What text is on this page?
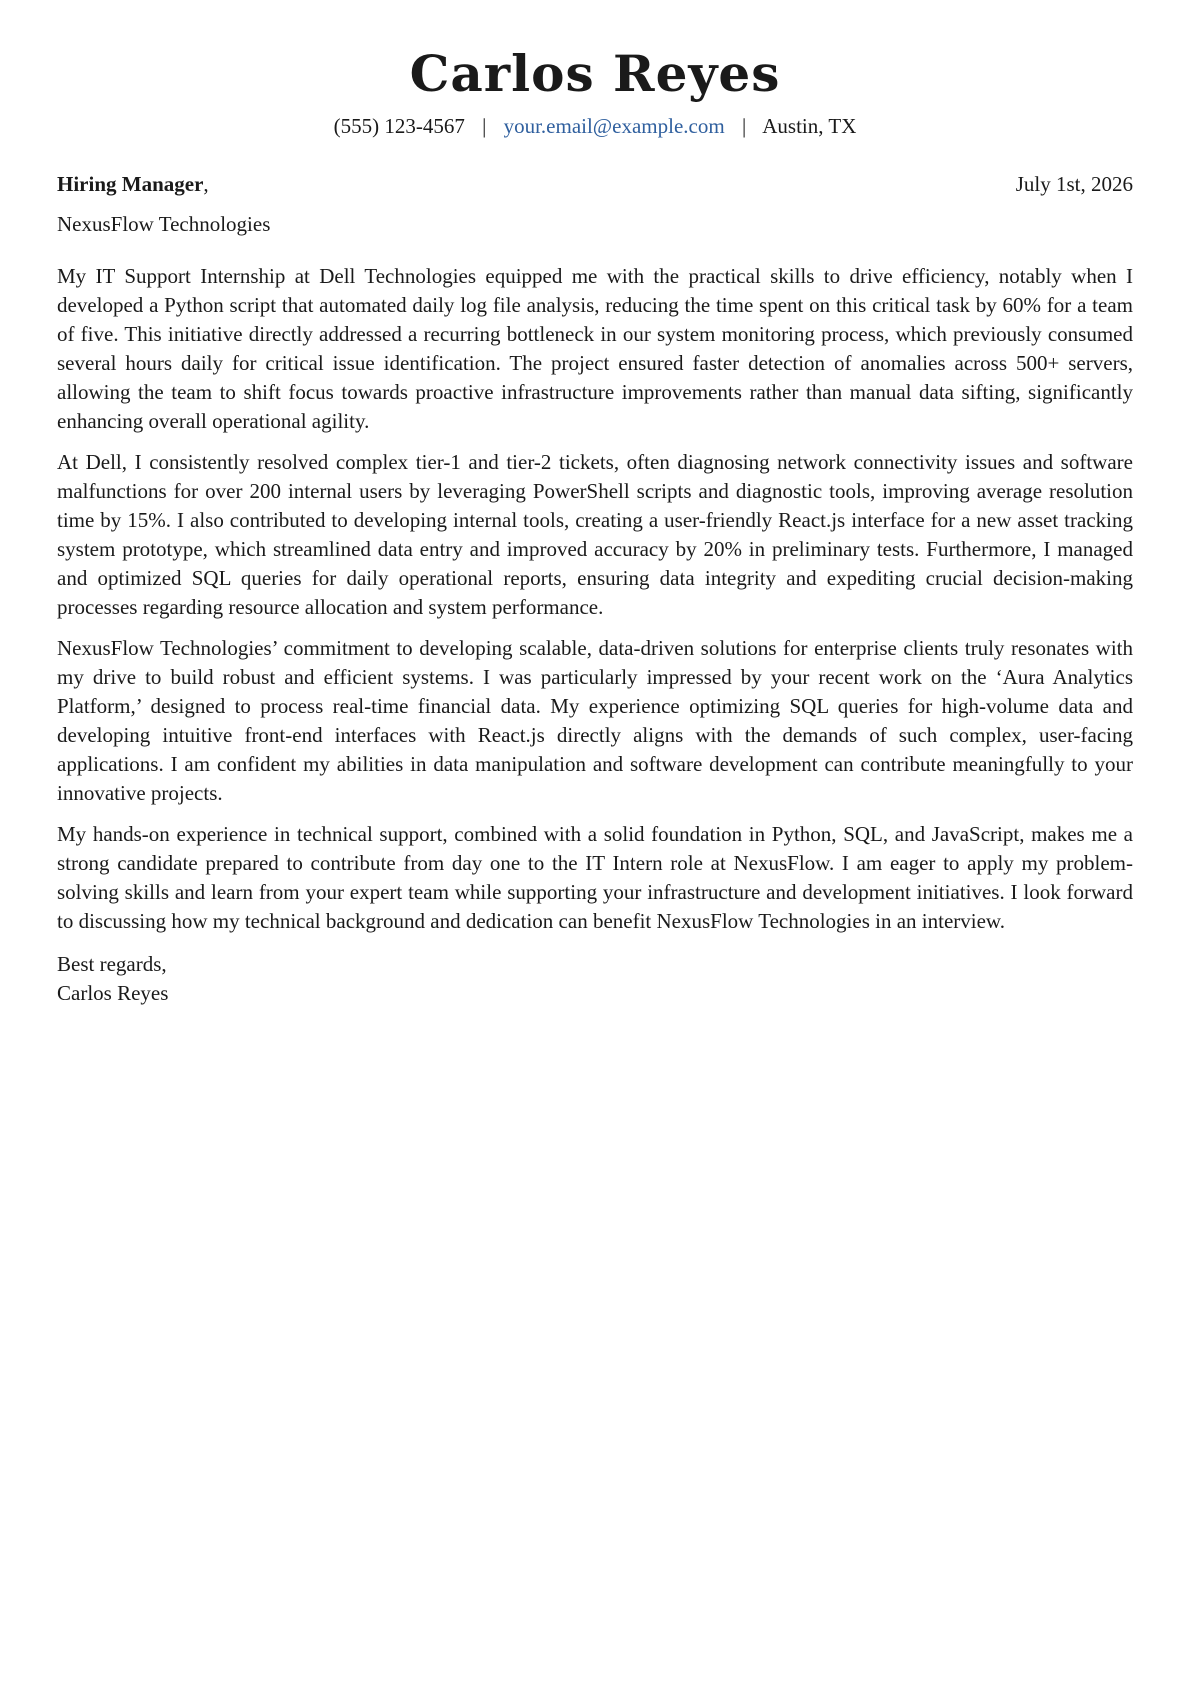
Carlos Reyes
(555) 123-4567 | your.email@example.com | Austin, TX
Hiring Manager,	July 1st, 2026
NexusFlow Technologies

My IT Support Internship at Dell Technologies equipped me with the practical skills to drive efficiency, notably when I developed a Python script that automated daily log file analysis, reducing the time spent on this critical task by 60% for a team of five. This initiative directly addressed a recurring bottleneck in our system monitoring process, which previously consumed several hours daily for critical issue identification. The project ensured faster detection of anomalies across 500+ servers, allowing the team to shift focus towards proactive infrastructure improvements rather than manual data sifting, significantly enhancing overall operational agility.

At Dell, I consistently resolved complex tier-1 and tier-2 tickets, often diagnosing network connectivity issues and software malfunctions for over 200 internal users by leveraging PowerShell scripts and diagnostic tools, improving average resolution time by 15%. I also contributed to developing internal tools, creating a user-friendly React.js interface for a new asset tracking system prototype, which streamlined data entry and improved accuracy by 20% in preliminary tests. Furthermore, I managed and optimized SQL queries for daily operational reports, ensuring data integrity and expediting crucial decision-making processes regarding resource allocation and system performance.

NexusFlow Technologies’ commitment to developing scalable, data-driven solutions for enterprise clients truly resonates with my drive to build robust and efficient systems. I was particularly impressed by your recent work on the ‘Aura Analytics Platform,’ designed to process real-time financial data. My experience optimizing SQL queries for high-volume data and developing intuitive front-end interfaces with React.js directly aligns with the demands of such complex, user-facing applications. I am confident my abilities in data manipulation and software development can contribute meaningfully to your innovative projects.

My hands-on experience in technical support, combined with a solid foundation in Python, SQL, and JavaScript, makes me a strong candidate prepared to contribute from day one to the IT Intern role at NexusFlow. I am eager to apply my problem-solving skills and learn from your expert team while supporting your infrastructure and development initiatives. I look forward to discussing how my technical background and dedication can benefit NexusFlow Technologies in an interview.

Best regards,
Carlos Reyes
